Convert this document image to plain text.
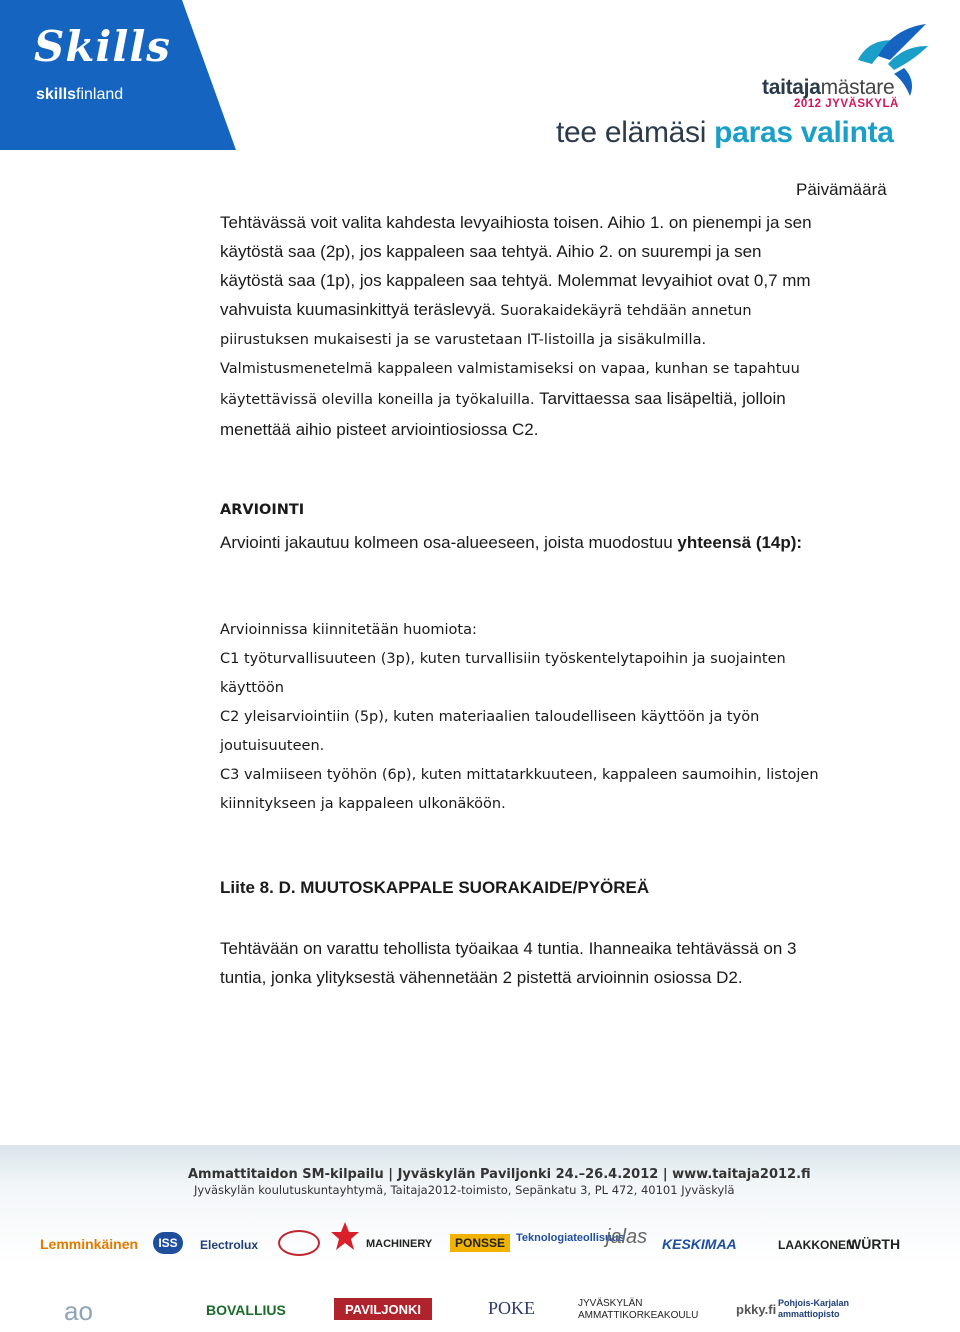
Skills
skillsfinland	taitajamästare
2012 JYVÄSKYLÄ
tee elämäsi paras valinta
Päivämäärä

Tehtävässä voit valita kahdesta levyaihiosta toisen. Aihio 1. on pienempi ja sen käytöstä saa (2p), jos kappaleen saa tehtyä. Aihio 2. on suurempi ja sen käytöstä saa (1p), jos kappaleen saa tehtyä. Molemmat levyaihiot ovat 0,7 mm vahvuista kuumasinkittyä teräslevyä. Suorakaidekäyrä tehdään annetun piirustuksen mukaisesti ja se varustetaan IT-listoilla ja sisäkulmilla. Valmistusmenetelmä kappaleen valmistamiseksi on vapaa, kunhan se tapahtuu käytettävissä olevilla koneilla ja työkaluilla. Tarvittaessa saa lisäpeltiä, jolloin menettää aihio pisteet arviointiosiossa C2.

ARVIOINTI

Arviointi jakautuu kolmeen osa-alueeseen, joista muodostuu yhteensä (14p):

Arvioinnissa kiinnitetään huomiota:
C1 työturvallisuuteen (3p), kuten turvallisiin työskentelytapoihin ja suojainten käyttöön
C2 yleisarviointiin (5p), kuten materiaalien taloudelliseen käyttöön ja työn joutuisuuteen.
C3 valmiiseen työhön (6p), kuten mittatarkkuuteen, kappaleen saumoihin, listojen kiinnitykseen ja kappaleen ulkonäköön.
Liite 8. D. MUUTOSKAPPALE SUORAKAIDE/PYÖREÄ

Tehtävään on varattu tehollista työaikaa 4 tuntia. Ihanneaika tehtävässä on 3 tuntia, jonka ylityksestä vähennetään 2 pistettä arvioinnin osiossa D2.

Ammattitaidon SM-kilpailu | Jyväskylän Paviljonki 24.–26.4.2012 | www.taitaja2012.fi
Jyväskylän koulutuskuntayhtymä, Taitaja2012-toimisto, Sepänkatu 3, PL 472, 40101 Jyväskylä
Lemminkäinen ISS Electrolux	MACHINERY PONSSE Teknologiateollisuus
jalas KESKIMAA	LAAKKONEN
WÜRTH
ao	BOVALLIUS	PAVILJONKI	POKE	JYVÄSKYLÄN AMMATTIKORKEAKOULU	pkky.fi Pohjois-Karjalan ammattiopisto
